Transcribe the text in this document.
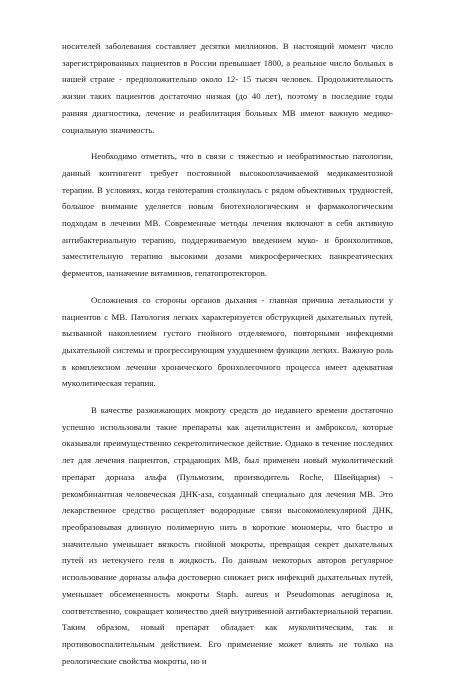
носителей заболевания составляет десятки миллионов. В настоящий момент число зарегистрированных пациентов в России превышает 1800, а реальное число больных в нашей стране - предположительно около 12- 15 тысяч человек. Продолжительность жизни таких пациентов достаточно низкая (до 40 лет), поэтому в последние годы ранняя диагностика, лечение и реабилитация больных МВ имеют важную медико-социальную значимость.

Необходимо отметить, что в связи с тяжестью и необратимостью патологии, данный контингент требует постоянной высокооплачиваемой медикаментозной терапии. В условиях, когда генотерапия столкнулась с рядом объективных трудностей, большое внимание уделяется новым биотехнологическим и фармакологическим подходам в лечении МВ. Современные методы лечения включают в себя активную антибактериальную терапию, поддерживаемую введением муко- и бронхолитиков, заместительную терапию высокими дозами микросферических панкреатических ферментов, назначение витаминов, гепатопротекторов.

Осложнения со стороны органов дыхания - главная причина летальности у пациентов с МВ. Патология легких характеризуется обструкцией дыхательных путей, вызванной накоплением густого гнойного отделяемого, повторными инфекциями дыхательной системы и прогрессирующим ухудшением функции легких. Важную роль в комплексном лечении хронического бронхолегочного процесса имеет адекватная муколитическая терапия.

В качестве разжижающих мокроту средств до недавнего времени достаточно успешно использовали такие препараты как ацетилцистеин и амброксол, которые оказывали преимущественно секретолитическое действие. Однако в течение последних лет для лечения пациентов, страдающих МВ, был применен новый муколитический препарат дорназа альфа (Пульмозим, производитель Roche, Швейцария) - рекомбинантная человеческая ДНК-аза, созданный специально для лечения МВ. Это лекарственное средство расщепляет водородные связи высокомолекулярной ДНК, преобразовывая длинную полимерную нить в короткие мономеры, что быстро и значительно уменьшает вязкость гнойной мокроты, превращая секрет дыхательных путей из нетекучего геля в жидкость. По данным некоторых авторов регулярное использование дорназы альфа достоверно снижает риск инфекций дыхательных путей, уменьшает обсемененность мокроты Staph. aureus и Pseudomonas aeruginosa и, соответственно, сокращает количество дней внутривенной антибактериальной терапии. Таким образом, новый препарат обладает как муколитическим, так и противовоспалительным действием. Его применение может влиять не только на реологические свойства мокроты, но и
